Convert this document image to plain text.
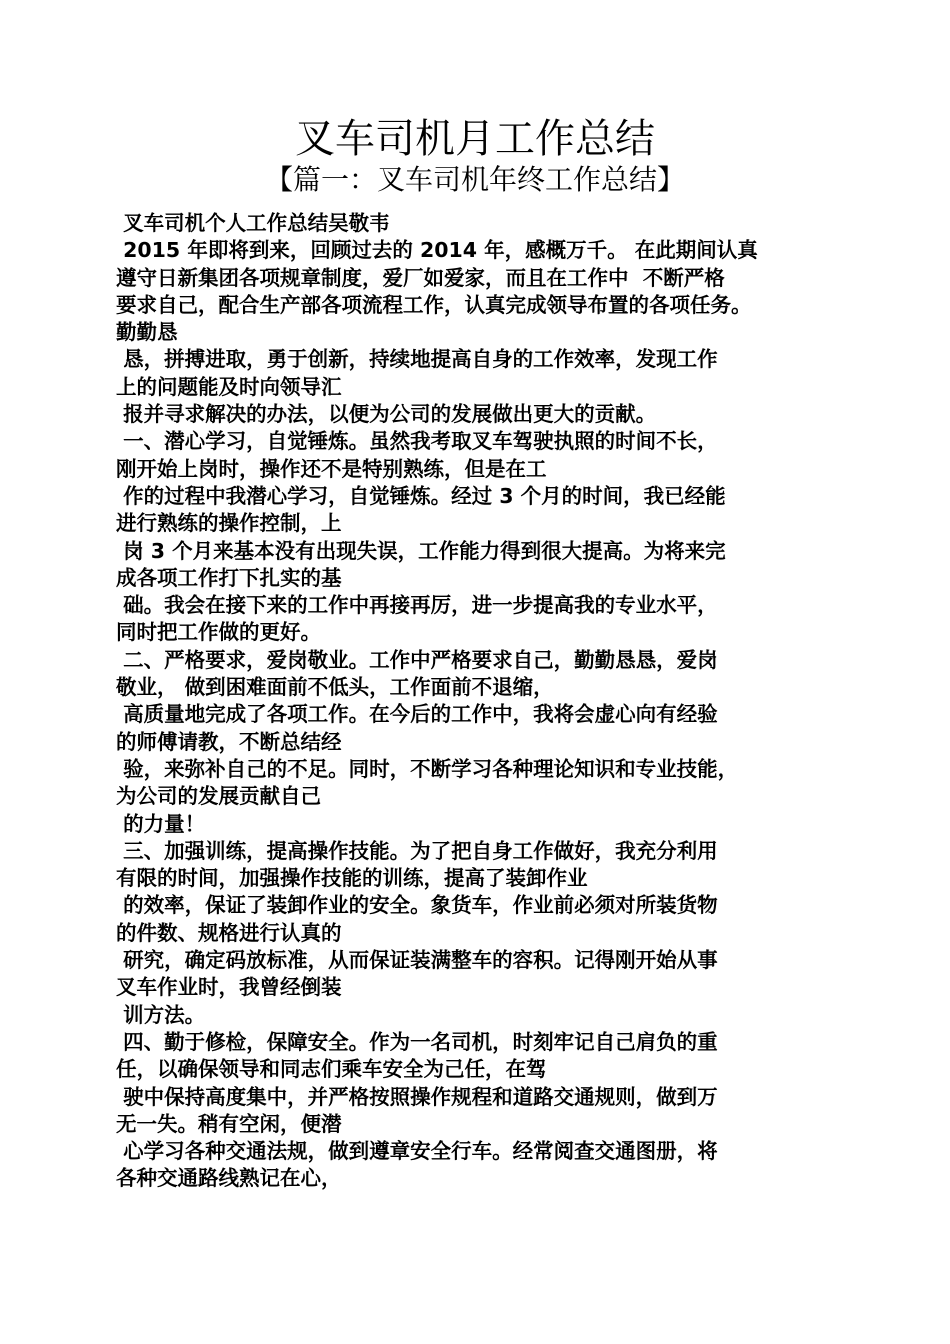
叉车司机月工作总结
【篇一：叉车司机年终工作总结】
叉车司机个人工作总结吴敬韦
2015 年即将到来，回顾过去的 2014 年，感概万千。 在此期间认真
遵守日新集团各项规章制度，爱厂如爱家，而且在工作中  不断严格
要求自己，配合生产部各项流程工作，认真完成领导布置的各项任务。
勤勤恳
恳，拼搏进取，勇于创新，持续地提高自身的工作效率，发现工作
上的问题能及时向领导汇
报并寻求解决的办法，以便为公司的发展做出更大的贡献。
一、潜心学习，自觉锤炼。虽然我考取叉车驾驶执照的时间不长，
刚开始上岗时，操作还不是特别熟练，但是在工
作的过程中我潜心学习，自觉锤炼。经过 3 个月的时间，我已经能
进行熟练的操作控制，上
岗 3 个月来基本没有出现失误，工作能力得到很大提高。为将来完
成各项工作打下扎实的基
础。我会在接下来的工作中再接再厉，进一步提高我的专业水平，
同时把工作做的更好。
二、严格要求，爱岗敬业。工作中严格要求自己，勤勤恳恳，爱岗
敬业， 做到困难面前不低头，工作面前不退缩，
高质量地完成了各项工作。在今后的工作中，我将会虚心向有经验
的师傅请教，不断总结经
验，来弥补自己的不足。同时，不断学习各种理论知识和专业技能，
为公司的发展贡献自己
的力量！
三、加强训练，提高操作技能。为了把自身工作做好，我充分利用
有限的时间，加强操作技能的训练，提高了装卸作业
的效率，保证了装卸作业的安全。象货车，作业前必须对所装货物
的件数、规格进行认真的
研究，确定码放标准，从而保证装满整车的容积。记得刚开始从事
叉车作业时，我曾经倒装
训方法。
四、勤于修检，保障安全。作为一名司机，时刻牢记自己肩负的重
任，以确保领导和同志们乘车安全为己任，在驾
驶中保持高度集中，并严格按照操作规程和道路交通规则，做到万
无一失。稍有空闲，便潜
心学习各种交通法规，做到遵章安全行车。经常阅查交通图册，将
各种交通路线熟记在心，
